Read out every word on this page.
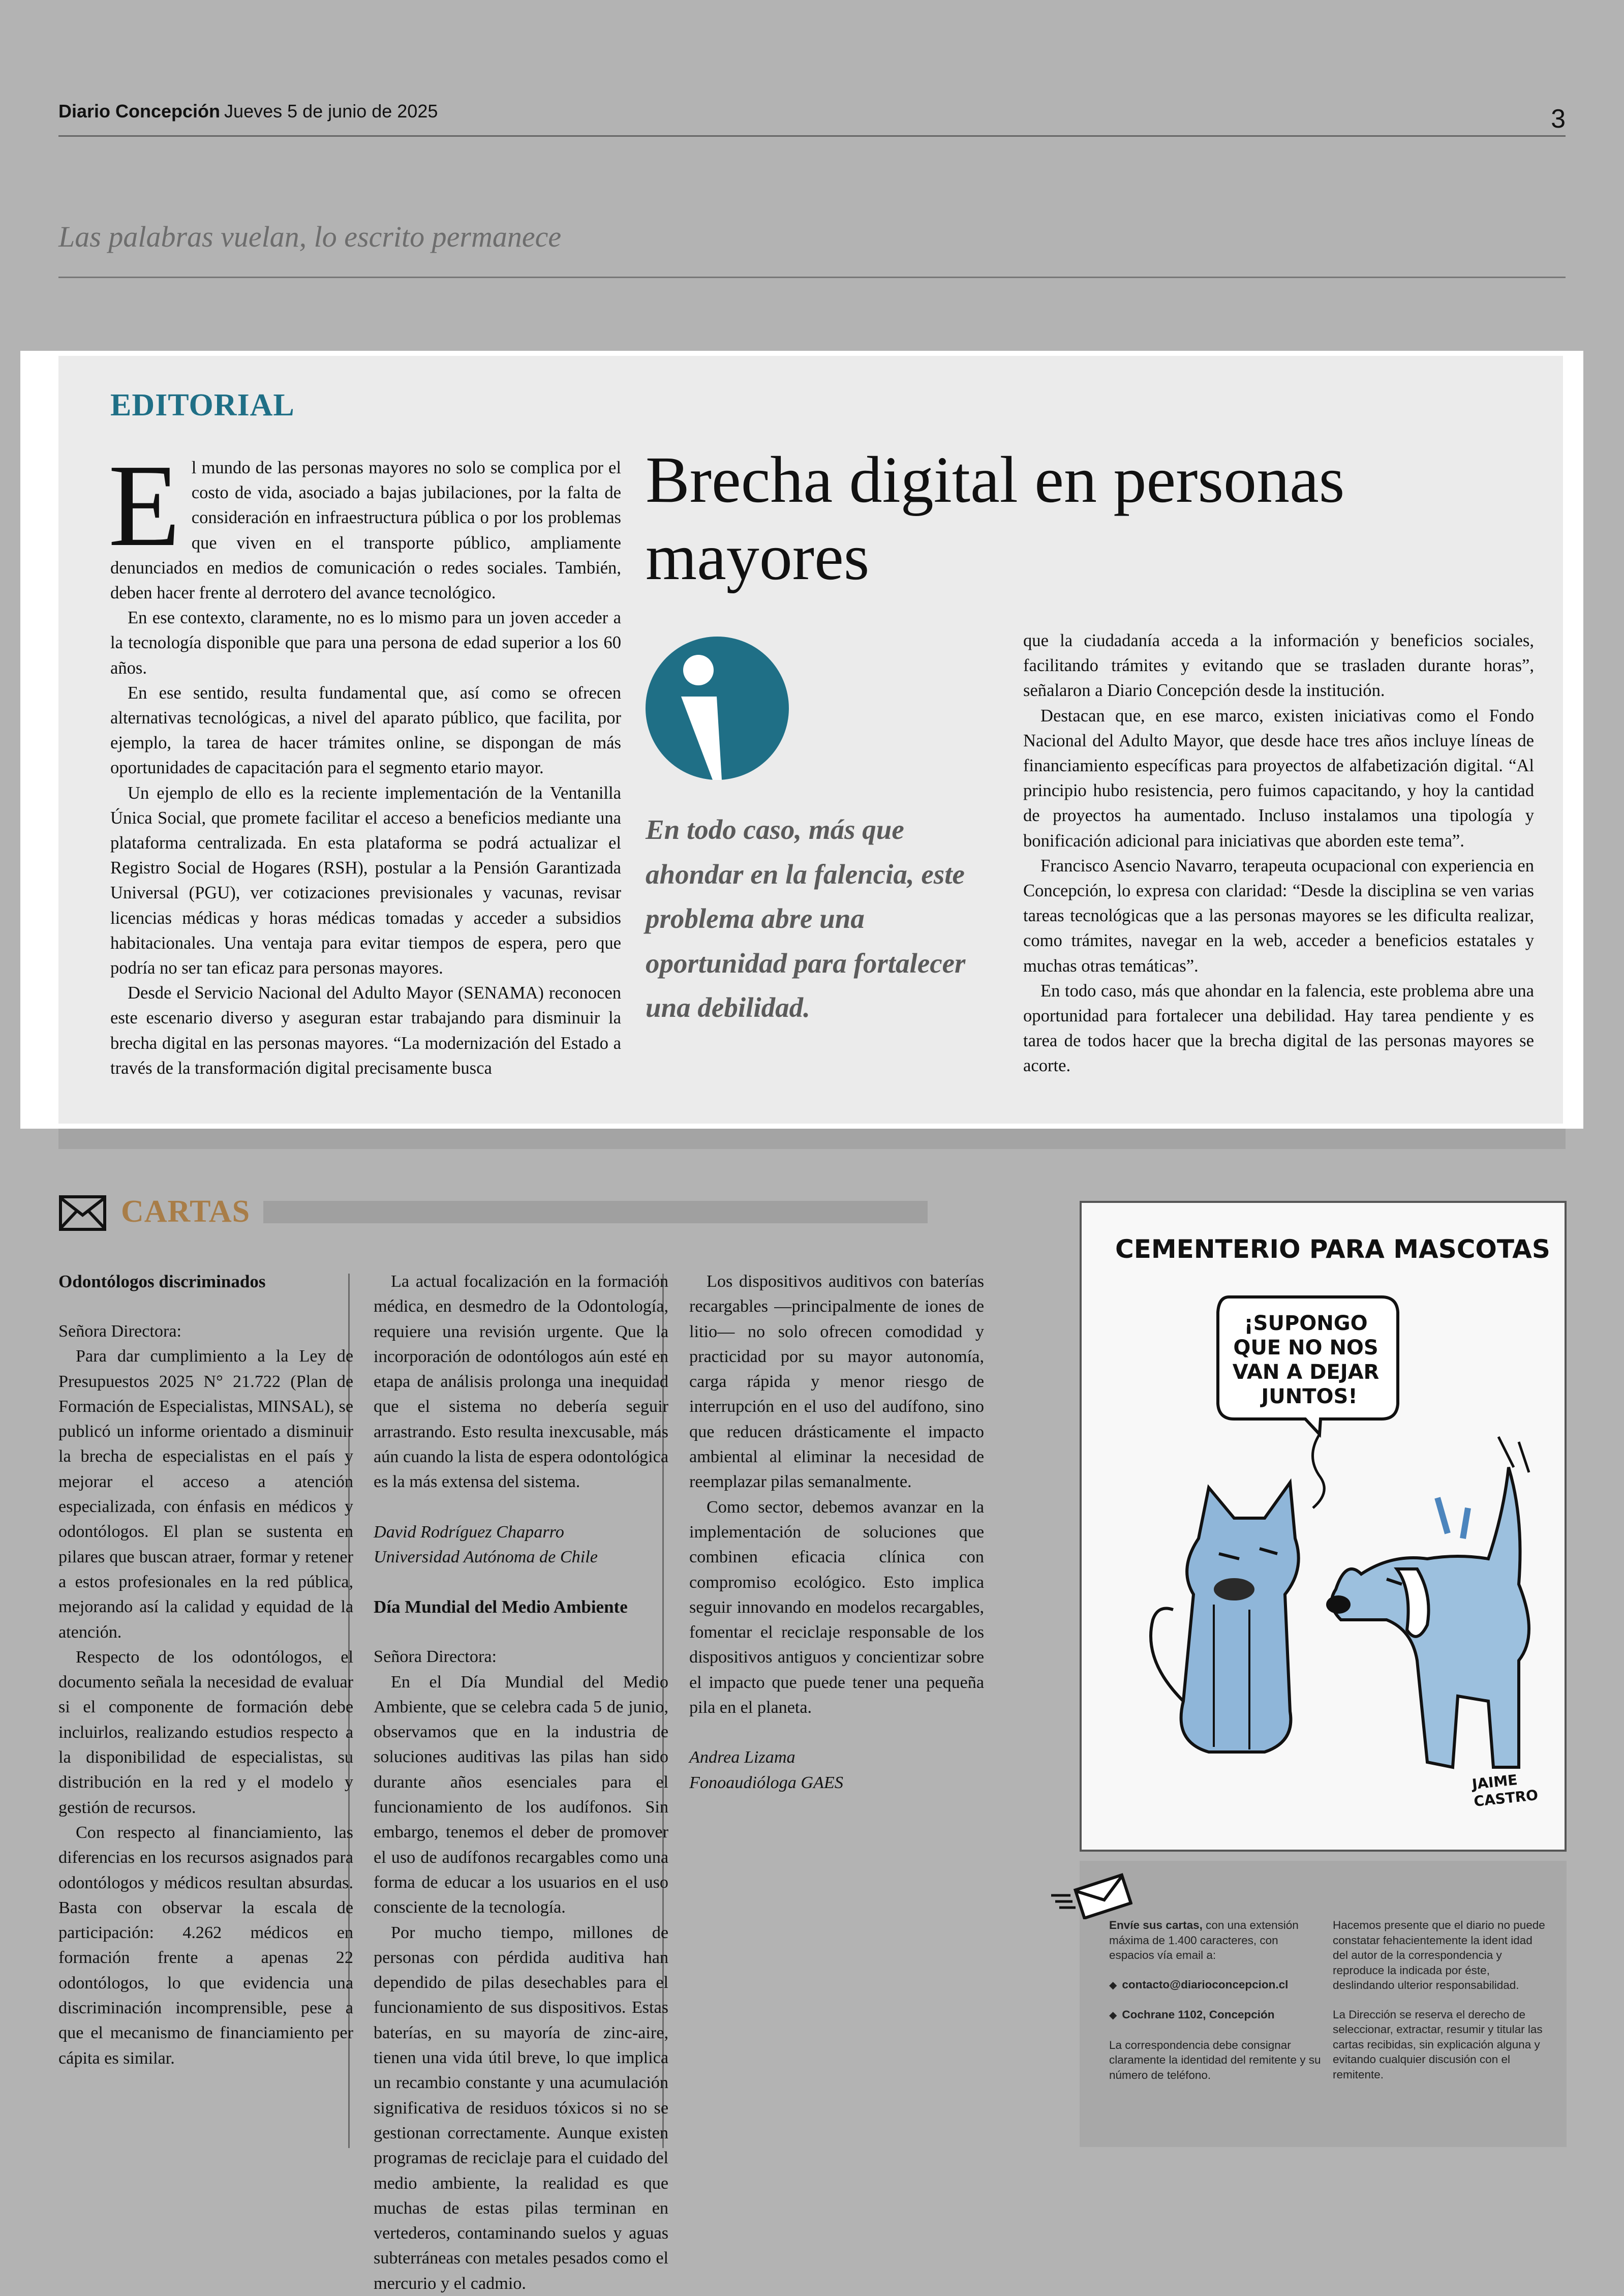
Diario Concepción Jueves 5 de junio de 2025	3
Las palabras vuelan, lo escrito permanece
EDITORIAL

El mundo de las personas mayores no solo se complica por el costo de vida, asociado a bajas jubilaciones, por la falta de consideración en infraestructura pública o por los problemas que viven en el transporte público, ampliamente denunciados en medios de comunicación o redes sociales. También, deben hacer frente al derrotero del avance tecnológico.

En ese contexto, claramente, no es lo mismo para un joven acceder a la tecnología disponible que para una persona de edad superior a los 60 años.

En ese sentido, resulta fundamental que, así como se ofrecen alternativas tecnológicas, a nivel del aparato público, que facilita, por ejemplo, la tarea de hacer trámites online, se dispongan de más oportunidades de capacitación para el segmento etario mayor.

Un ejemplo de ello es la reciente implementación de la Ventanilla Única Social, que promete facilitar el acceso a beneficios mediante una plataforma centralizada. En esta plataforma se podrá actualizar el Registro Social de Hogares (RSH), postular a la Pensión Garantizada Universal (PGU), ver cotizaciones previsionales y vacunas, revisar licencias médicas y horas médicas tomadas y acceder a subsidios habitacionales. Una ventaja para evitar tiempos de espera, pero que podría no ser tan eficaz para personas mayores.

Desde el Servicio Nacional del Adulto Mayor (SENAMA) reconocen este escenario diverso y aseguran estar trabajando para disminuir la brecha digital en las personas mayores. “La modernización del Estado a través de la transformación digital precisamente busca

Brecha digital en personas mayores
En todo caso, más que ahondar en la falencia, este problema abre una oportunidad para fortalecer una debilidad.

que la ciudadanía acceda a la información y beneficios sociales, facilitando trámites y evitando que se trasladen durante horas”, señalaron a Diario Concepción desde la institución.

Destacan que, en ese marco, existen iniciativas como el Fondo Nacional del Adulto Mayor, que desde hace tres años incluye líneas de financiamiento específicas para proyectos de alfabetización digital. “Al principio hubo resistencia, pero fuimos capacitando, y hoy la cantidad de proyectos ha aumentado. Incluso instalamos una tipología y bonificación adicional para iniciativas que aborden este tema”.

Francisco Asencio Navarro, terapeuta ocupacional con experiencia en Concepción, lo expresa con claridad: “Desde la disciplina se ven varias tareas tecnológicas que a las personas mayores se les dificulta realizar, como trámites, navegar en la web, acceder a beneficios estatales y muchas otras temáticas”.

En todo caso, más que ahondar en la falencia, este problema abre una oportunidad para fortalecer una debilidad. Hay tarea pendiente y es tarea de todos hacer que la brecha digital de las personas mayores se acorte.

CARTAS
Odontólogos discriminados

Señora Directora:

Para dar cumplimiento a la Ley de Presupuestos 2025 N° 21.722 (Plan de Formación de Especialistas, MINSAL), se publicó un informe orientado a disminuir la brecha de especialistas en el país y mejorar el acceso a atención especializada, con énfasis en médicos y odontólogos. El plan se sustenta en pilares que buscan atraer, formar y retener a estos profesionales en la red pública, mejorando así la calidad y equidad de la atención.

Respecto de los odontólogos, el documento señala la necesidad de evaluar si el componente de formación debe incluirlos, realizando estudios respecto a la disponibilidad de especialistas, su distribución en la red y el modelo y gestión de recursos.

Con respecto al financiamiento, las diferencias en los recursos asignados para odontólogos y médicos resultan absurdas. Basta con observar la escala de participación: 4.262 médicos en formación frente a apenas 22 odontólogos, lo que evidencia una discriminación incomprensible, pese a que el mecanismo de financiamiento per cápita es similar.

La actual focalización en la formación médica, en desmedro de la Odontología, requiere una revisión urgente. Que la incorporación de odontólogos aún esté en etapa de análisis prolonga una inequidad que el sistema no debería seguir arrastrando. Esto resulta inexcusable, más aún cuando la lista de espera odontológica es la más extensa del sistema.

David Rodríguez Chaparro

Universidad Autónoma de Chile

Día Mundial del Medio Ambiente

Señora Directora:

En el Día Mundial del Medio Ambiente, que se celebra cada 5 de junio, observamos que en la industria de soluciones auditivas las pilas han sido durante años esenciales para el funcionamiento de los audífonos. Sin embargo, tenemos el deber de promover el uso de audífonos recargables como una forma de educar a los usuarios en el uso consciente de la tecnología.

Por mucho tiempo, millones de personas con pérdida auditiva han dependido de pilas desechables para el funcionamiento de sus dispositivos. Estas baterías, en su mayoría de zinc-aire, tienen una vida útil breve, lo que implica un recambio constante y una acumulación significativa de residuos tóxicos si no se gestionan correctamente. Aunque existen programas de reciclaje para el cuidado del medio ambiente, la realidad es que muchas de estas pilas terminan en vertederos, contaminando suelos y aguas subterráneas con metales pesados como el mercurio y el cadmio.

Los dispositivos auditivos con baterías recargables —principalmente de iones de litio— no solo ofrecen comodidad y practicidad por su mayor autonomía, carga rápida y menor riesgo de interrupción en el uso del audífono, sino que reducen drásticamente el impacto ambiental al eliminar la necesidad de reemplazar pilas semanalmente.

Como sector, debemos avanzar en la implementación de soluciones que combinen eficacia clínica con compromiso ecológico. Esto implica seguir innovando en modelos recargables, fomentar el reciclaje responsable de los dispositivos antiguos y concientizar sobre el impacto que puede tener una pequeña pila en el planeta.

Andrea Lizama

Fonoaudióloga GAES

CEMENTERIO PARA MASCOTAS
¡SUPONGO QUE NO NOS VAN A DEJAR JUNTOS!
JAIME CASTRO

Envíe sus cartas, con una extensión máxima de 1.400 caracteres, con espacios vía email a:

◆ contacto@diarioconcepcion.cl

◆ Cochrane 1102, Concepción

La correspondencia debe consignar claramente la identidad del remitente y su número de teléfono.

Hacemos presente que el diario no puede constatar fehacientemente la ident idad del autor de la correspondencia y reproduce la indicada por éste, deslindando ulterior responsabilidad.

La Dirección se reserva el derecho de seleccionar, extractar, resumir y titular las cartas recibidas, sin explicación alguna y evitando cualquier discusión con el remitente.
